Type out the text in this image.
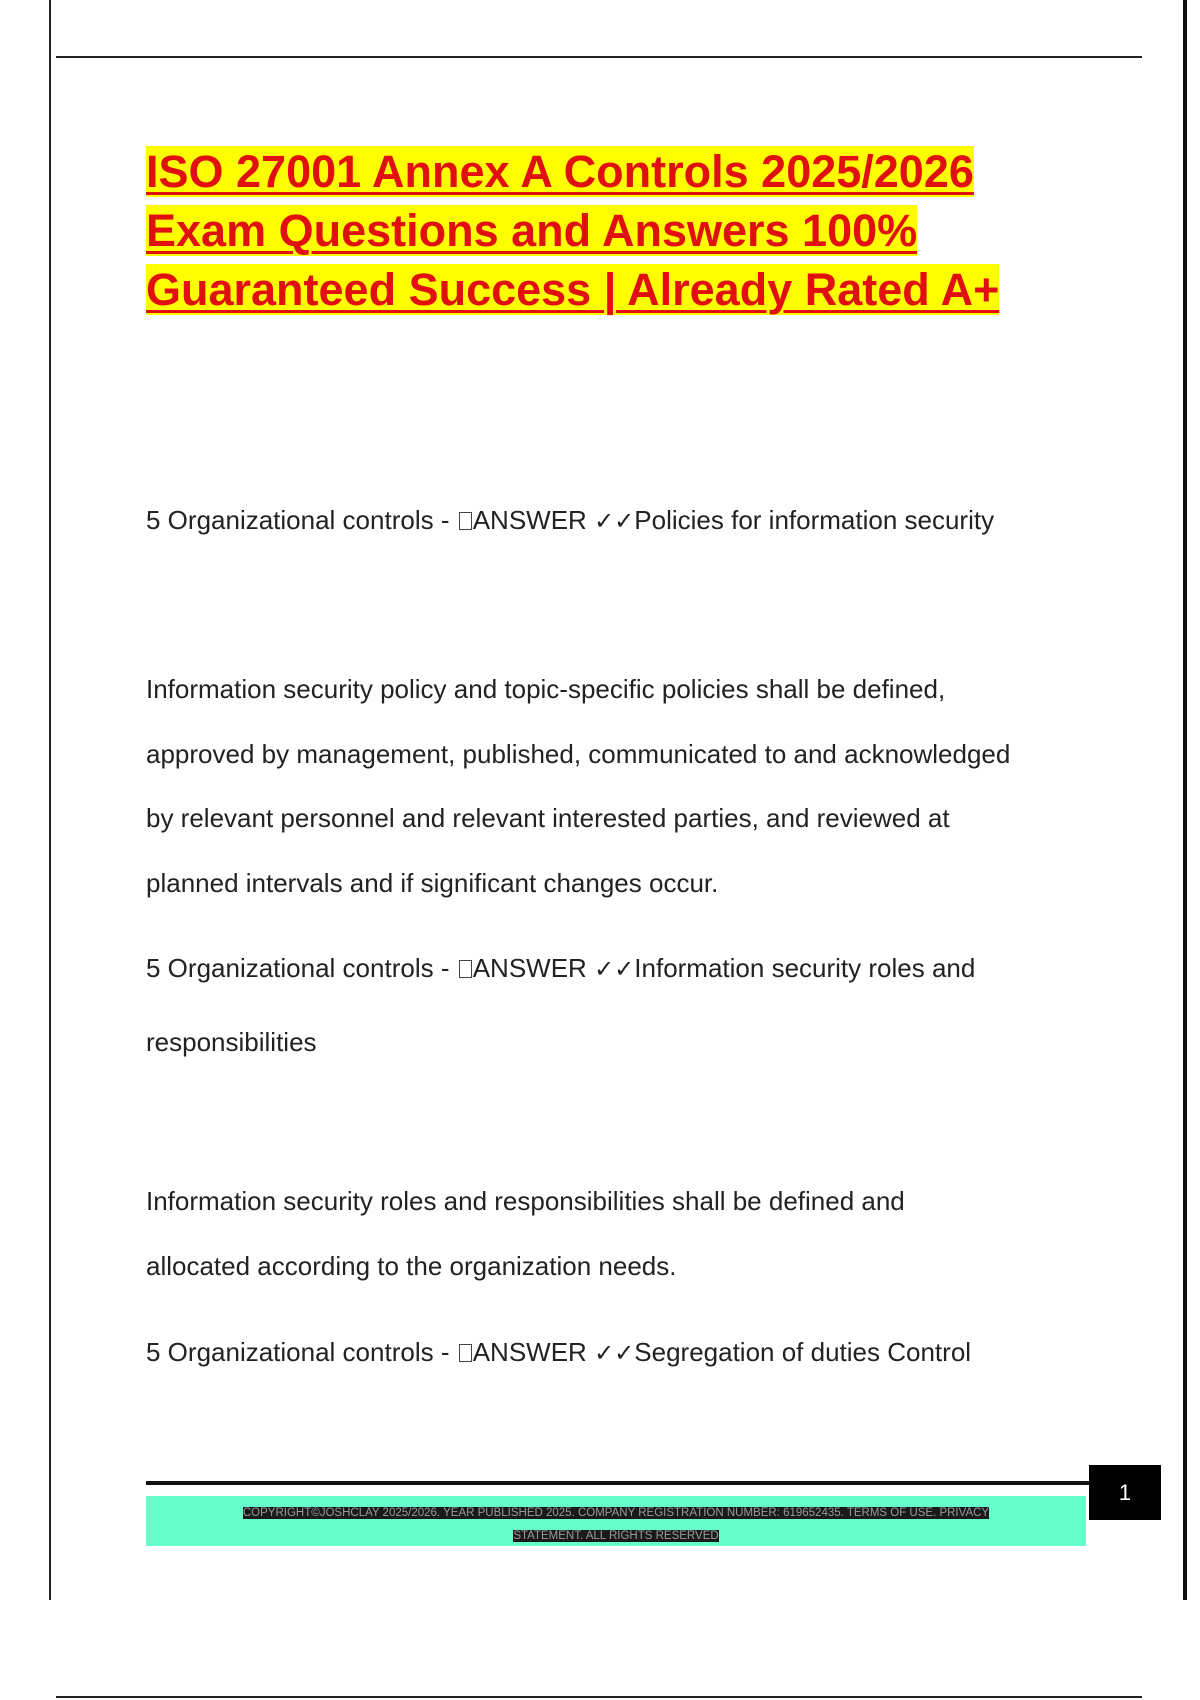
ISO 27001 Annex A Controls 2025/2026
Exam Questions and Answers 100%
Guaranteed Success | Already Rated A+

5 Organizational controls - ANSWER ✓✓Policies for information security

Information security policy and topic-specific policies shall be defined,
approved by management, published, communicated to and acknowledged
by relevant personnel and relevant interested parties, and reviewed at
planned intervals and if significant changes occur.

5 Organizational controls - ANSWER ✓✓Information security roles and
responsibilities

Information security roles and responsibilities shall be defined and
allocated according to the organization needs.

5 Organizational controls - ANSWER ✓✓Segregation of duties Control

COPYRIGHT©JOSHCLAY 2025/2026. YEAR PUBLISHED 2025. COMPANY REGISTRATION NUMBER: 619652435. TERMS OF USE. PRIVACY
STATEMENT. ALL RIGHTS RESERVED
1
